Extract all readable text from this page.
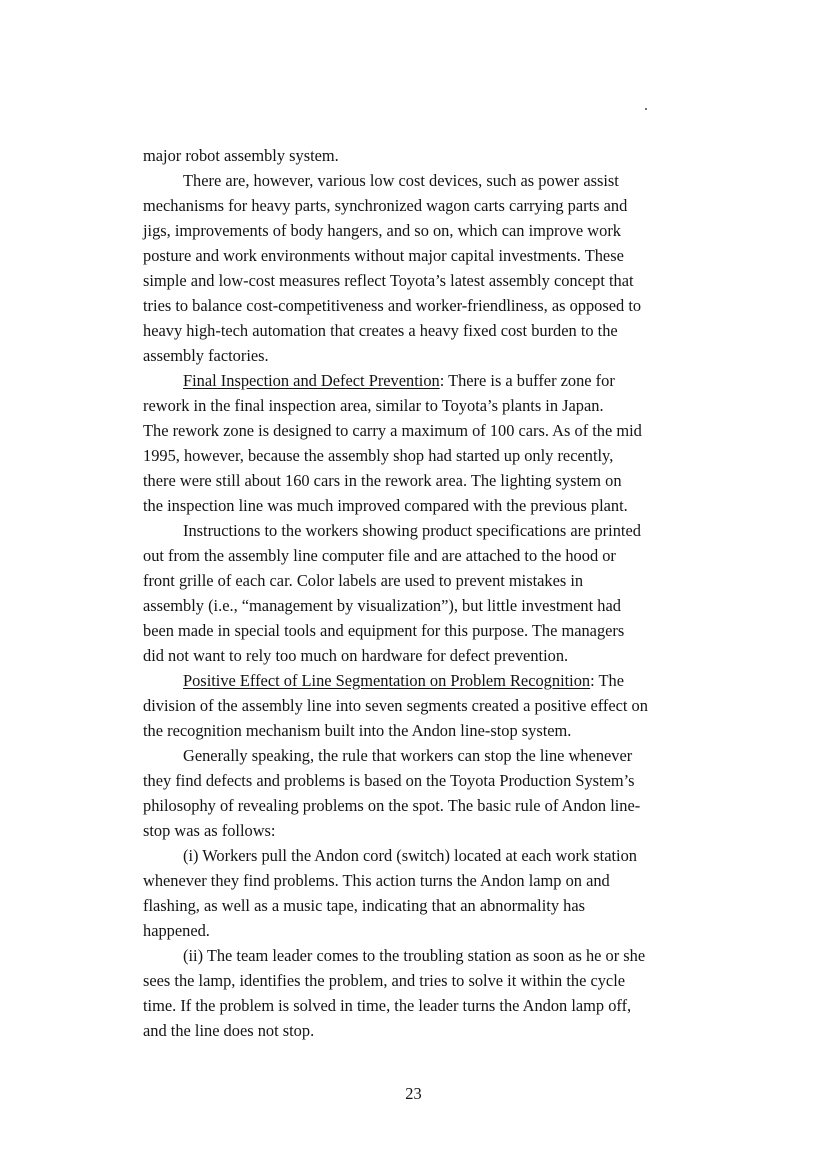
major robot assembly system.
There are, however, various low cost devices, such as power assist
mechanisms for heavy parts, synchronized wagon carts carrying parts and
jigs, improvements of body hangers, and so on, which can improve work
posture and work environments without major capital investments. These
simple and low-cost measures reflect Toyota’s latest assembly concept that
tries to balance cost-competitiveness and worker-friendliness, as opposed to
heavy high-tech automation that creates a heavy fixed cost burden to the
assembly factories.
Final Inspection and Defect Prevention: There is a buffer zone for
rework in the final inspection area, similar to Toyota’s plants in Japan.
The rework zone is designed to carry a maximum of 100 cars. As of the mid
1995, however, because the assembly shop had started up only recently,
there were still about 160 cars in the rework area. The lighting system on
the inspection line was much improved compared with the previous plant.
Instructions to the workers showing product specifications are printed
out from the assembly line computer file and are attached to the hood or
front grille of each car. Color labels are used to prevent mistakes in
assembly (i.e., “management by visualization”), but little investment had
been made in special tools and equipment for this purpose. The managers
did not want to rely too much on hardware for defect prevention.
Positive Effect of Line Segmentation on Problem Recognition: The
division of the assembly line into seven segments created a positive effect on
the recognition mechanism built into the Andon line-stop system.
Generally speaking, the rule that workers can stop the line whenever
they find defects and problems is based on the Toyota Production System’s
philosophy of revealing problems on the spot. The basic rule of Andon line-
stop was as follows:
(i) Workers pull the Andon cord (switch) located at each work station
whenever they find problems. This action turns the Andon lamp on and
flashing, as well as a music tape, indicating that an abnormality has
happened.
(ii) The team leader comes to the troubling station as soon as he or she
sees the lamp, identifies the problem, and tries to solve it within the cycle
time. If the problem is solved in time, the leader turns the Andon lamp off,
and the line does not stop.
23
